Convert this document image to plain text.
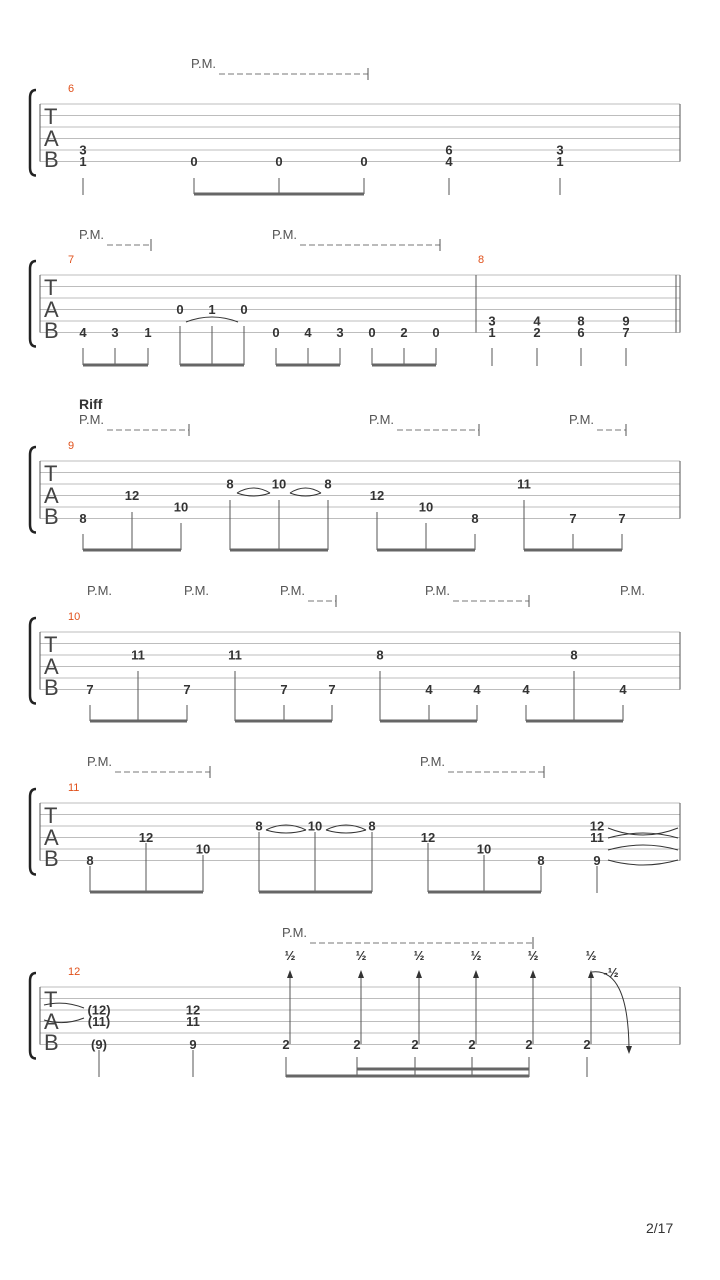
T
A
B
6
P.M.
3
1	0	0	0
6
4
3
1
T
A
B
7	8
P.M.	P.M.
4 3 1
0 1 0
0 4 3 0 2 0
3
1
4
2
8
6
9
7
T
A
B
9
Riff
P.M.	P.M.	P.M.
8
12
10
8	10	8
12
10
8
11
7	7
T
A
B
10
P.M.	P.M.	P.M.	P.M.	P.M.
7
11
7
11
7	7
8
4	4	4
8
4
T
A
B
11
P.M.	P.M.
8
12
10
8	10	8
12
10
8
12
11
9
T
A
B
12
P.M.
(12)
(11)
(9)
12
11
9	2
½
2
½
2
½
2
½
2
½
2
½
-½
2/17
